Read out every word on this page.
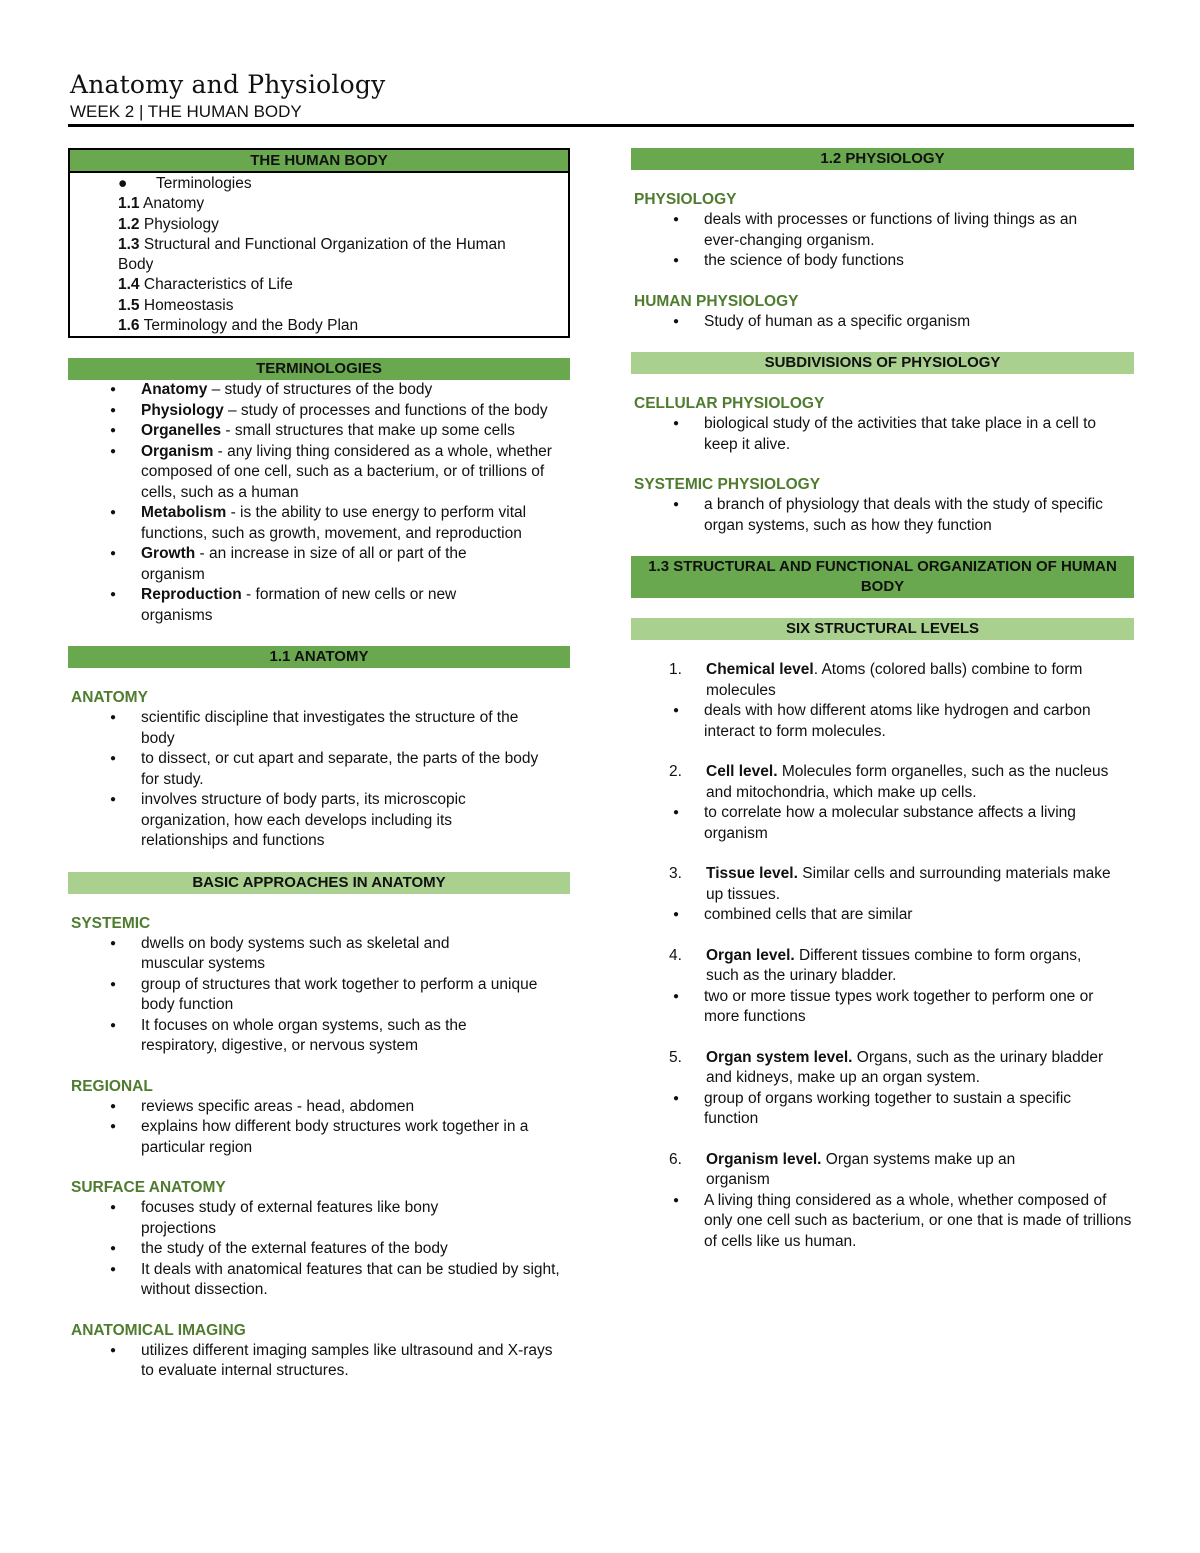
Anatomy and Physiology
WEEK 2 | THE HUMAN BODY
THE HUMAN BODY
● Terminologies
1.1 Anatomy
1.2 Physiology
1.3 Structural and Functional Organization of the Human Body
1.4 Characteristics of Life
1.5 Homeostasis
1.6 Terminology and the Body Plan
TERMINOLOGIES
● Anatomy – study of structures of the body
● Physiology – study of processes and functions of the body
● Organelles - small structures that make up some cells
● Organism - any living thing considered as a whole, whether composed of one cell, such as a bacterium, or of trillions of cells, such as a human
● Metabolism - is the ability to use energy to perform vital functions, such as growth, movement, and reproduction
● Growth - an increase in size of all or part of the organism
● Reproduction - formation of new cells or new organisms
1.1 ANATOMY
ANATOMY
● scientific discipline that investigates the structure of the body
● to dissect, or cut apart and separate, the parts of the body for study.
● involves structure of body parts, its microscopic organization, how each develops including its relationships and functions
BASIC APPROACHES IN ANATOMY
SYSTEMIC
● dwells on body systems such as skeletal and muscular systems
● group of structures that work together to perform a unique body function
● It focuses on whole organ systems, such as the respiratory, digestive, or nervous system
REGIONAL
● reviews specific areas - head, abdomen
● explains how different body structures work together in a particular region
SURFACE ANATOMY
● focuses study of external features like bony projections
● the study of the external features of the body
● It deals with anatomical features that can be studied by sight, without dissection.
ANATOMICAL IMAGING
● utilizes different imaging samples like ultrasound and X-rays to evaluate internal structures.
1.2 PHYSIOLOGY
PHYSIOLOGY
● deals with processes or functions of living things as an ever-changing organism.
● the science of body functions
HUMAN PHYSIOLOGY
● Study of human as a specific organism
SUBDIVISIONS OF PHYSIOLOGY
CELLULAR PHYSIOLOGY
● biological study of the activities that take place in a cell to keep it alive.
SYSTEMIC PHYSIOLOGY
● a branch of physiology that deals with the study of specific organ systems, such as how they function
1.3 STRUCTURAL AND FUNCTIONAL ORGANIZATION OF HUMAN BODY
SIX STRUCTURAL LEVELS
1. Chemical level. Atoms (colored balls) combine to form molecules
● deals with how different atoms like hydrogen and carbon interact to form molecules.
2. Cell level. Molecules form organelles, such as the nucleus and mitochondria, which make up cells.
● to correlate how a molecular substance affects a living organism
3. Tissue level. Similar cells and surrounding materials make up tissues.
● combined cells that are similar
4. Organ level. Different tissues combine to form organs, such as the urinary bladder.
● two or more tissue types work together to perform one or more functions
5. Organ system level. Organs, such as the urinary bladder and kidneys, make up an organ system.
● group of organs working together to sustain a specific function
6. Organism level. Organ systems make up an organism
● A living thing considered as a whole, whether composed of only one cell such as bacterium, or one that is made of trillions of cells like us human.
